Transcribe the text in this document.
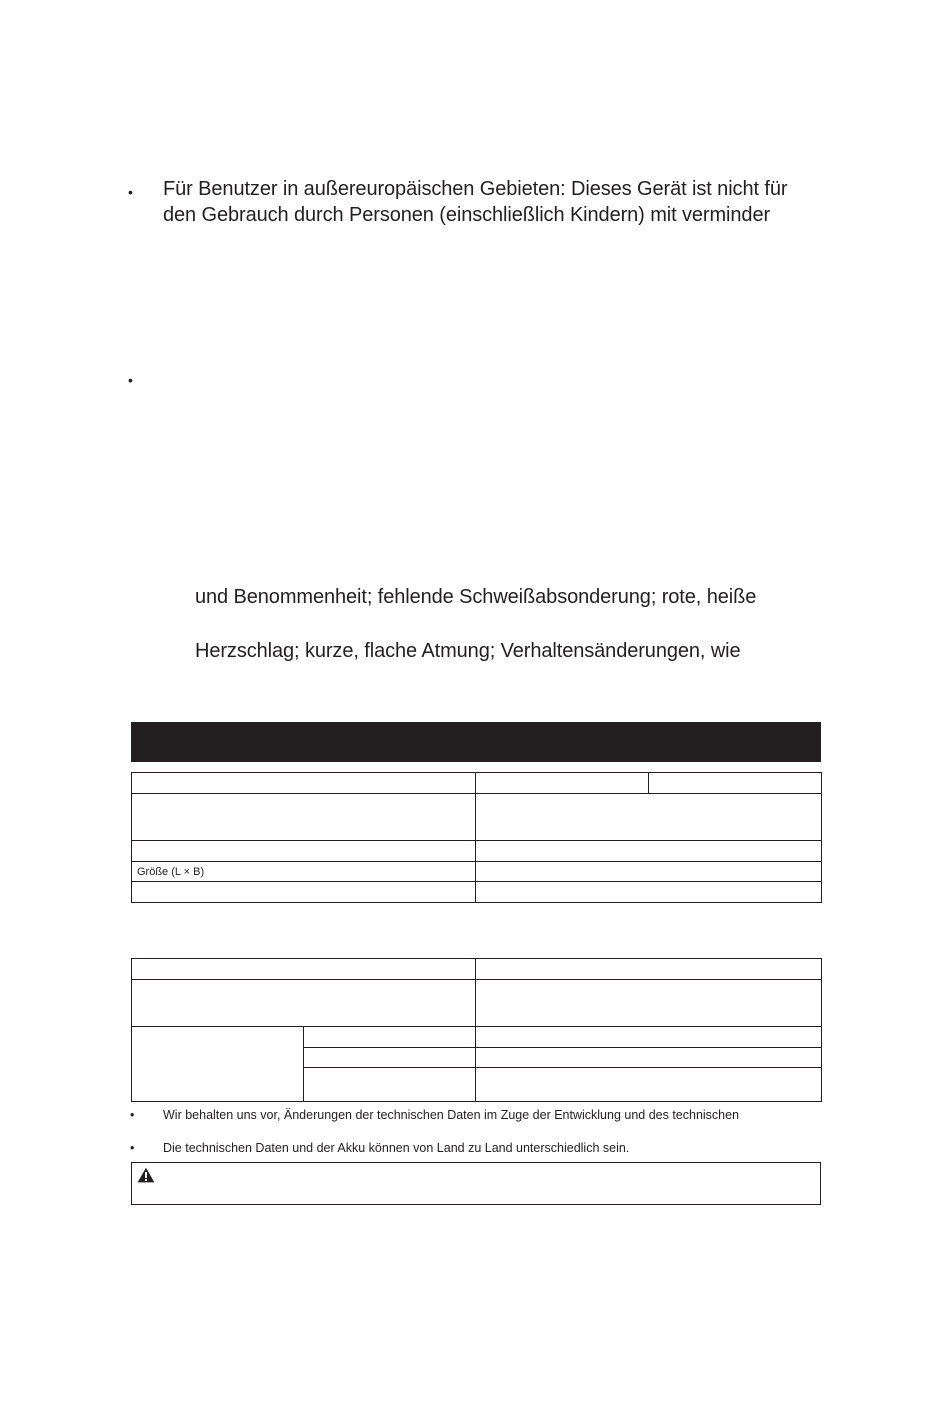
• Für Benutzer in außereuropäischen Gebieten: Dieses Gerät ist nicht für
den Gebrauch durch Personen (einschließlich Kindern) mit verminder
•
und Benommenheit; fehlende Schweißabsonderung; rote, heiße
Herzschlag; kurze, flache Atmung; Verhaltensänderungen, wie

Größe (L × B)		

• Wir behalten uns vor, Änderungen der technischen Daten im Zuge der Entwicklung und des technischen
• Die technischen Daten und der Akku können von Land zu Land unterschiedlich sein.
